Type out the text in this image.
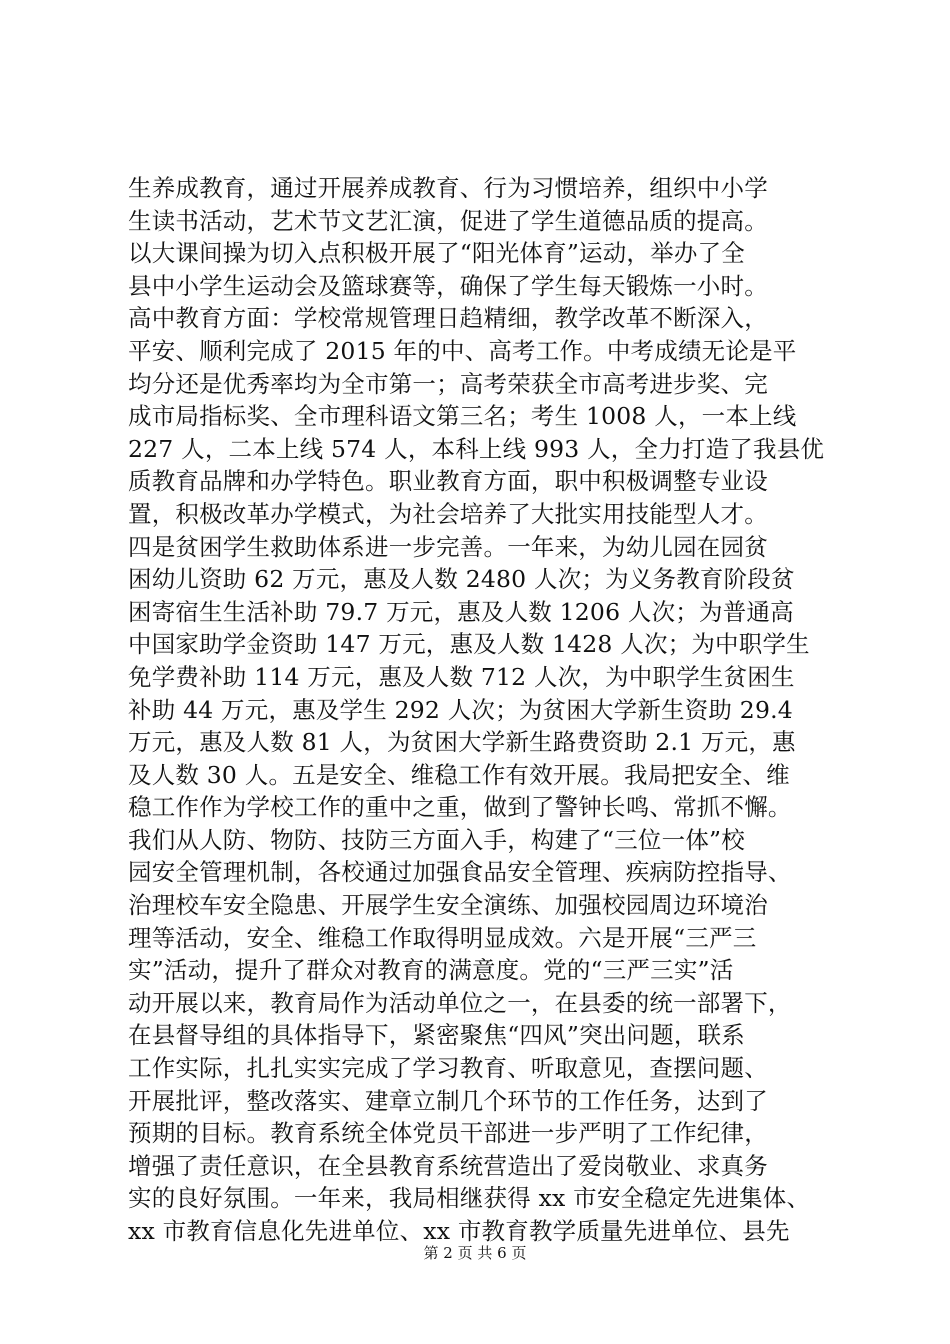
生养成教育，通过开展养成教育、行为习惯培养，组织中小学
生读书活动，艺术节文艺汇演，促进了学生道德品质的提高。
以大课间操为切入点积极开展了“阳光体育”运动，举办了全
县中小学生运动会及篮球赛等，确保了学生每天锻炼一小时。
高中教育方面：学校常规管理日趋精细，教学改革不断深入，
平安、顺利完成了 2015 年的中、高考工作。中考成绩无论是平
均分还是优秀率均为全市第一；高考荣获全市高考进步奖、完
成市局指标奖、全市理科语文第三名；考生 1008 人，一本上线
227 人，二本上线 574 人，本科上线 993 人，全力打造了我县优
质教育品牌和办学特色。职业教育方面，职中积极调整专业设
置，积极改革办学模式，为社会培养了大批实用技能型人才。
四是贫困学生救助体系进一步完善。一年来，为幼儿园在园贫
困幼儿资助 62 万元，惠及人数 2480 人次；为义务教育阶段贫
困寄宿生生活补助 79.7 万元，惠及人数 1206 人次；为普通高
中国家助学金资助 147 万元，惠及人数 1428 人次；为中职学生
免学费补助 114 万元，惠及人数 712 人次，为中职学生贫困生
补助 44 万元，惠及学生 292 人次；为贫困大学新生资助 29.4
万元，惠及人数 81 人，为贫困大学新生路费资助 2.1 万元，惠
及人数 30 人。五是安全、维稳工作有效开展。我局把安全、维
稳工作作为学校工作的重中之重，做到了警钟长鸣、常抓不懈。
我们从人防、物防、技防三方面入手，构建了“三位一体”校
园安全管理机制，各校通过加强食品安全管理、疾病防控指导、
治理校车安全隐患、开展学生安全演练、加强校园周边环境治
理等活动，安全、维稳工作取得明显成效。六是开展“三严三
实”活动，提升了群众对教育的满意度。党的“三严三实”活
动开展以来，教育局作为活动单位之一，在县委的统一部署下，
在县督导组的具体指导下，紧密聚焦“四风”突出问题，联系
工作实际，扎扎实实完成了学习教育、听取意见，查摆问题、
开展批评，整改落实、建章立制几个环节的工作任务，达到了
预期的目标。教育系统全体党员干部进一步严明了工作纪律，
增强了责任意识，在全县教育系统营造出了爱岗敬业、求真务
实的良好氛围。一年来，我局相继获得 xx 市安全稳定先进集体、
xx 市教育信息化先进单位、xx 市教育教学质量先进单位、县先
第 2 页 共 6 页
